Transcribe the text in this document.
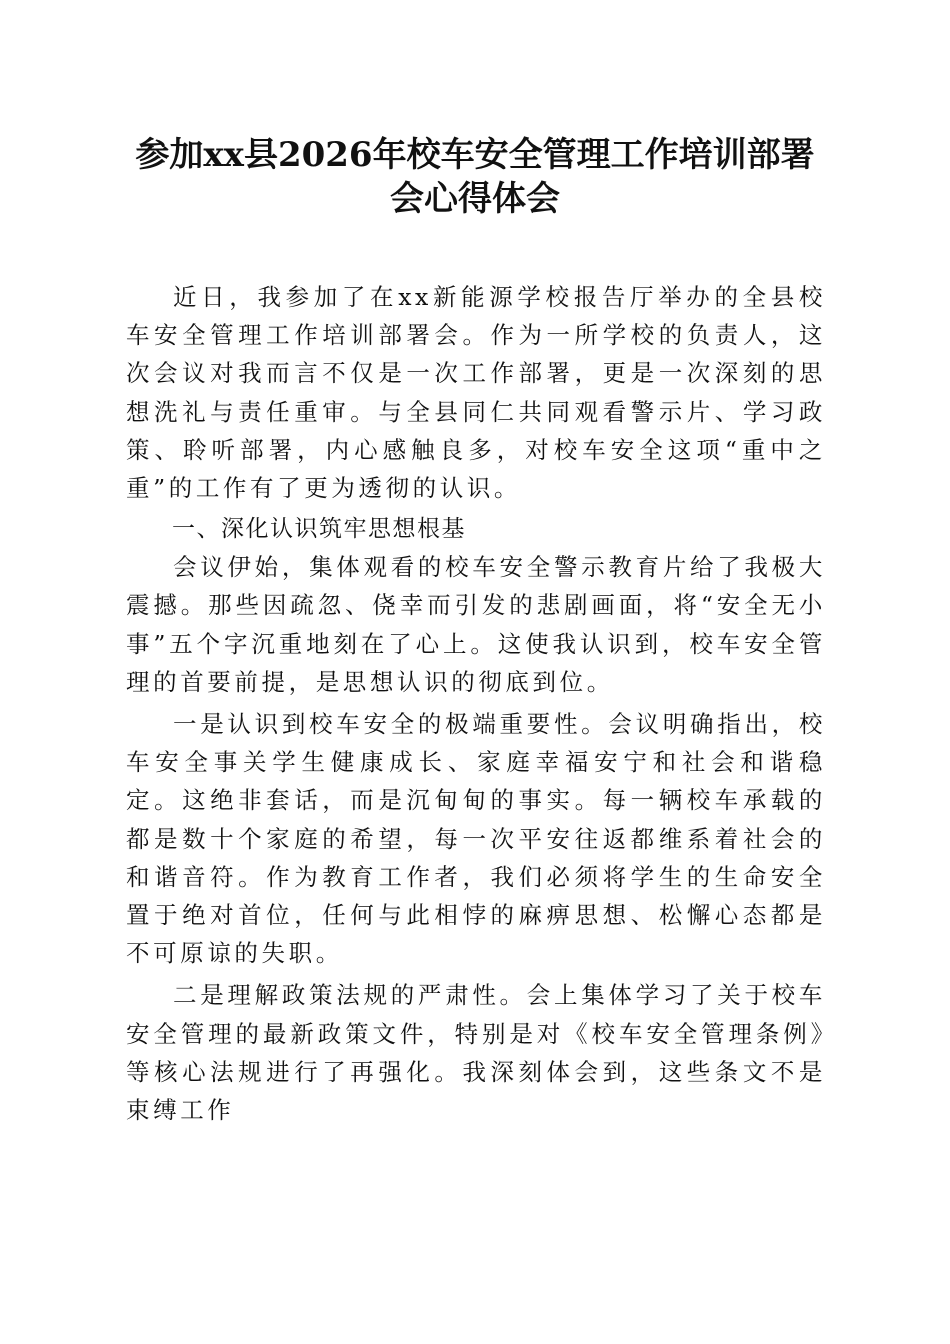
参加xx县2026年校车安全管理工作培训部署
会心得体会

近日，我参加了在xx新能源学校报告厅举办的全县校车安全管理工作培训部署会。作为一所学校的负责人，这次会议对我而言不仅是一次工作部署，更是一次深刻的思想洗礼与责任重审。与全县同仁共同观看警示片、学习政策、聆听部署，内心感触良多，对校车安全这项“重中之重”的工作有了更为透彻的认识。

一、深化认识筑牢思想根基

会议伊始，集体观看的校车安全警示教育片给了我极大震撼。那些因疏忽、侥幸而引发的悲剧画面，将“安全无小事”五个字沉重地刻在了心上。这使我认识到，校车安全管理的首要前提，是思想认识的彻底到位。

一是认识到校车安全的极端重要性。会议明确指出，校车安全事关学生健康成长、家庭幸福安宁和社会和谐稳定。这绝非套话，而是沉甸甸的事实。每一辆校车承载的都是数十个家庭的希望，每一次平安往返都维系着社会的和谐音符。作为教育工作者，我们必须将学生的生命安全置于绝对首位，任何与此相悖的麻痹思想、松懈心态都是不可原谅的失职。

二是理解政策法规的严肃性。会上集体学习了关于校车安全管理的最新政策文件，特别是对《校车安全管理条例》等核心法规进行了再强化。我深刻体会到，这些条文不是束缚工作
